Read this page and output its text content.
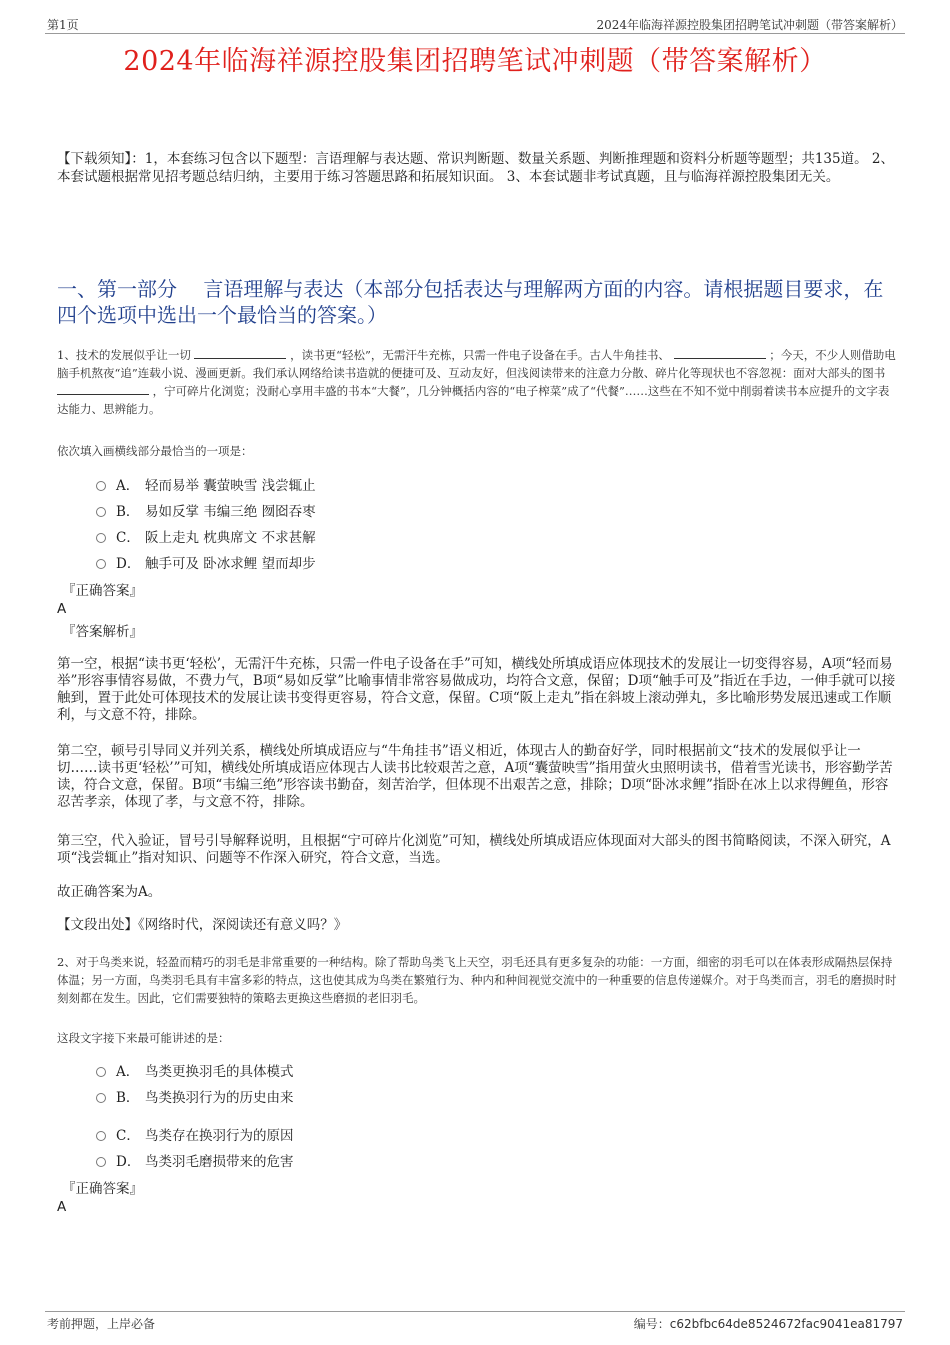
第1页	2024年临海祥源控股集团招聘笔试冲刺题（带答案解析）
2024年临海祥源控股集团招聘笔试冲刺题（带答案解析）
【下载须知】：1，本套练习包含以下题型：言语理解与表达题、常识判断题、数量关系题、判断推理题和资料分析题等题型；共135道。 2、本套试题根据常见招考题总结归纳，主要用于练习答题思路和拓展知识面。 3、本套试题非考试真题，且与临海祥源控股集团无关。
一、第一部分　 言语理解与表达（本部分包括表达与理解两方面的内容。请根据题目要求，在四个选项中选出一个最恰当的答案。）
1、技术的发展似乎让一切	，读书更“轻松”，无需汗牛充栋，只需一件电子设备在手。古人牛角挂书、	；今天，不少人则借助电脑手机熬夜“追”连载小说、漫画更新。我们承认网络给读书造就的便捷可及、互动友好，但浅阅读带来的注意力分散、碎片化等现状也不容忽视：面对大部头的图书  ，宁可碎片化浏览；没耐心享用丰盛的书本“大餐”，几分钟概括内容的“电子榨菜”成了“代餐”……这些在不知不觉中削弱着读书本应提升的文字表达能力、思辨能力。
依次填入画横线部分最恰当的一项是：
A． 轻而易举 囊萤映雪 浅尝辄止
B． 易如反掌 韦编三绝 囫囵吞枣
C． 阪上走丸 枕典席文 不求甚解
D． 触手可及 卧冰求鲤 望而却步
『正确答案』
A
『答案解析』
第一空，根据“读书更‘轻松’，无需汗牛充栋，只需一件电子设备在手”可知，横线处所填成语应体现技术的发展让一切变得容易，A项“轻而易举”形容事情容易做，不费力气，B项“易如反掌”比喻事情非常容易做成功，均符合文意，保留；D项“触手可及”指近在手边，一伸手就可以接触到，置于此处可体现技术的发展让读书变得更容易，符合文意，保留。C项“阪上走丸”指在斜坡上滚动弹丸，多比喻形势发展迅速或工作顺利，与文意不符，排除。
第二空，顿号引导同义并列关系，横线处所填成语应与“牛角挂书”语义相近，体现古人的勤奋好学，同时根据前文“技术的发展似乎让一切……读书更‘轻松’”可知，横线处所填成语应体现古人读书比较艰苦之意，A项“囊萤映雪”指用萤火虫照明读书，借着雪光读书，形容勤学苦读，符合文意，保留。B项“韦编三绝”形容读书勤奋，刻苦治学，但体现不出艰苦之意，排除；D项“卧冰求鲤”指卧在冰上以求得鲤鱼，形容忍苦孝亲，体现了孝，与文意不符，排除。
第三空，代入验证，冒号引导解释说明，且根据“宁可碎片化浏览”可知，横线处所填成语应体现面对大部头的图书简略阅读，不深入研究，A项“浅尝辄止”指对知识、问题等不作深入研究，符合文意，当选。
故正确答案为A。
【文段出处】《网络时代，深阅读还有意义吗？》
2、对于鸟类来说，轻盈而精巧的羽毛是非常重要的一种结构。除了帮助鸟类飞上天空，羽毛还具有更多复杂的功能：一方面，细密的羽毛可以在体表形成隔热层保持体温；另一方面，鸟类羽毛具有丰富多彩的特点，这也使其成为鸟类在繁殖行为、种内和种间视觉交流中的一种重要的信息传递媒介。对于鸟类而言，羽毛的磨损时时刻刻都在发生。因此，它们需要独特的策略去更换这些磨损的老旧羽毛。
这段文字接下来最可能讲述的是：
A． 鸟类更换羽毛的具体模式
B． 鸟类换羽行为的历史由来
C． 鸟类存在换羽行为的原因
D． 鸟类羽毛磨损带来的危害
『正确答案』
A
考前押题，上岸必备	编号：c62bfbc64de8524672fac9041ea81797
